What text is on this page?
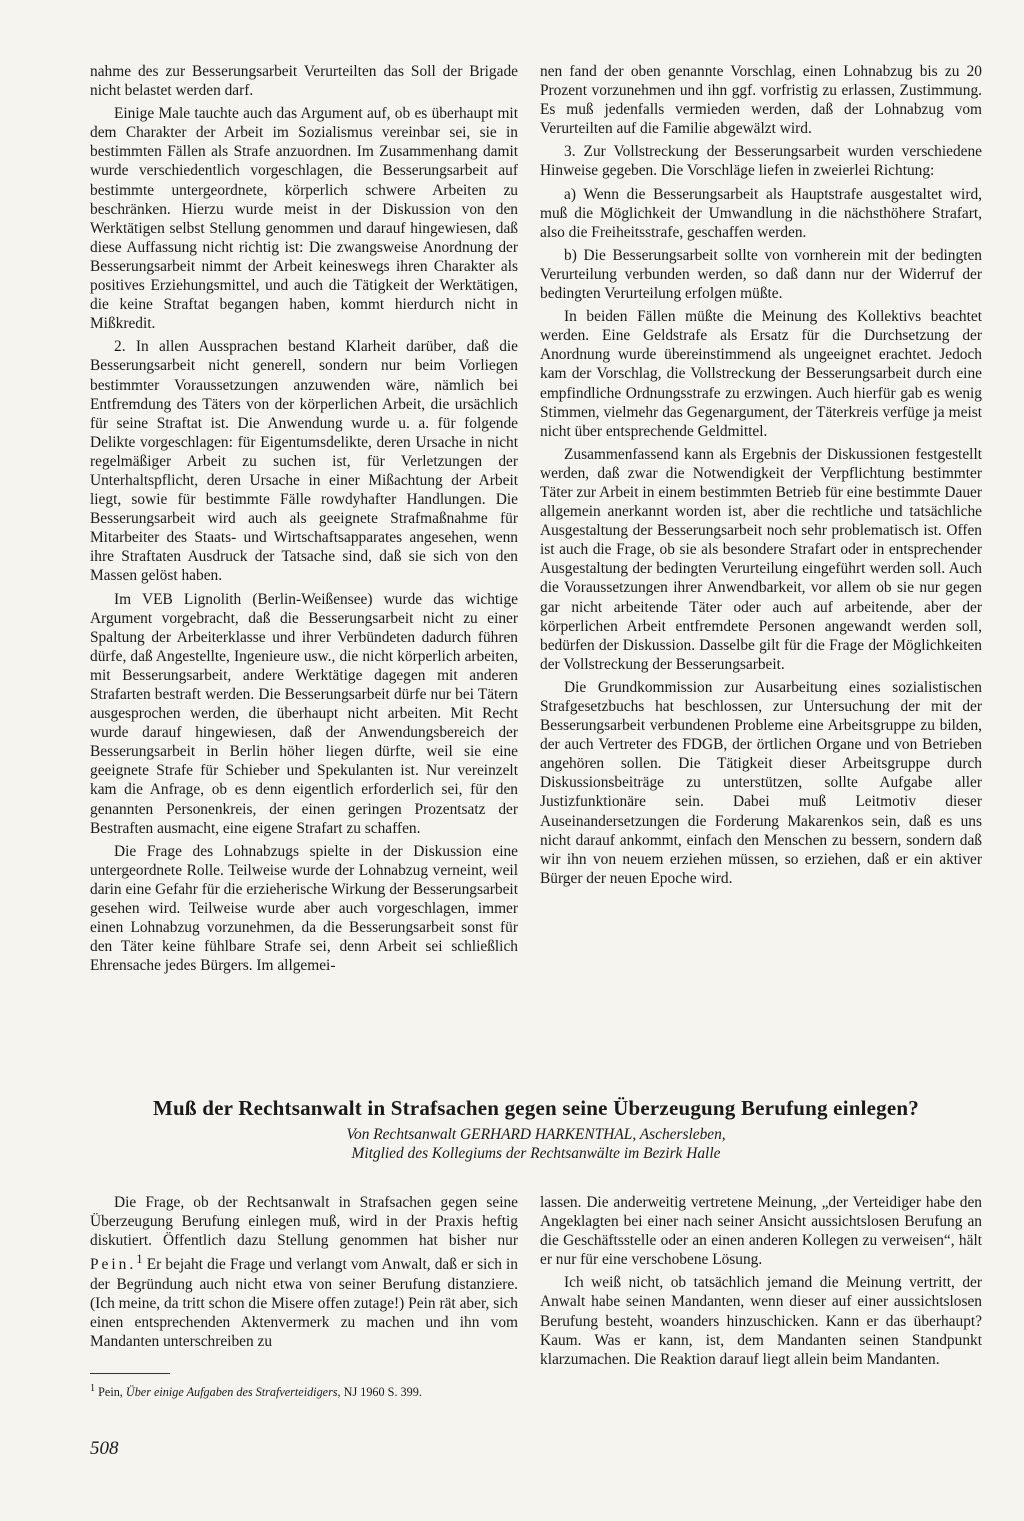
nahme des zur Besserungsarbeit Verurteilten das Soll der Brigade nicht belastet werden darf.

Einige Male tauchte auch das Argument auf, ob es überhaupt mit dem Charakter der Arbeit im Sozialismus vereinbar sei, sie in bestimmten Fällen als Strafe anzuordnen. Im Zusammenhang damit wurde verschiedentlich vorgeschlagen, die Besserungsarbeit auf bestimmte untergeordnete, körperlich schwere Arbeiten zu beschränken. Hierzu wurde meist in der Diskussion von den Werktätigen selbst Stellung genommen und darauf hingewiesen, daß diese Auffassung nicht richtig ist: Die zwangsweise Anordnung der Besserungsarbeit nimmt der Arbeit keineswegs ihren Charakter als positives Erziehungsmittel, und auch die Tätigkeit der Werktätigen, die keine Straftat begangen haben, kommt hierdurch nicht in Mißkredit.

2. In allen Aussprachen bestand Klarheit darüber, daß die Besserungsarbeit nicht generell, sondern nur beim Vorliegen bestimmter Voraussetzungen anzuwenden wäre, nämlich bei Entfremdung des Täters von der körperlichen Arbeit, die ursächlich für seine Straftat ist. Die Anwendung wurde u. a. für folgende Delikte vorgeschlagen: für Eigentumsdelikte, deren Ursache in nicht regelmäßiger Arbeit zu suchen ist, für Verletzungen der Unterhaltspflicht, deren Ursache in einer Mißachtung der Arbeit liegt, sowie für bestimmte Fälle rowdyhafter Handlungen. Die Besserungsarbeit wird auch als geeignete Strafmaßnahme für Mitarbeiter des Staats- und Wirtschaftsapparates angesehen, wenn ihre Straftaten Ausdruck der Tatsache sind, daß sie sich von den Massen gelöst haben.

Im VEB Lignolith (Berlin-Weißensee) wurde das wichtige Argument vorgebracht, daß die Besserungsarbeit nicht zu einer Spaltung der Arbeiterklasse und ihrer Verbündeten dadurch führen dürfe, daß Angestellte, Ingenieure usw., die nicht körperlich arbeiten, mit Besserungsarbeit, andere Werktätige dagegen mit anderen Strafarten bestraft werden. Die Besserungsarbeit dürfe nur bei Tätern ausgesprochen werden, die überhaupt nicht arbeiten. Mit Recht wurde darauf hingewiesen, daß der Anwendungsbereich der Besserungsarbeit in Berlin höher liegen dürfte, weil sie eine geeignete Strafe für Schieber und Spekulanten ist. Nur vereinzelt kam die Anfrage, ob es denn eigentlich erforderlich sei, für den genannten Personenkreis, der einen geringen Prozentsatz der Bestraften ausmacht, eine eigene Strafart zu schaffen.

Die Frage des Lohnabzugs spielte in der Diskussion eine untergeordnete Rolle. Teilweise wurde der Lohnabzug verneint, weil darin eine Gefahr für die erzieherische Wirkung der Besserungsarbeit gesehen wird. Teilweise wurde aber auch vorgeschlagen, immer einen Lohnabzug vorzunehmen, da die Besserungsarbeit sonst für den Täter keine fühlbare Strafe sei, denn Arbeit sei schließlich Ehrensache jedes Bürgers. Im allgemei-

nen fand der oben genannte Vorschlag, einen Lohnabzug bis zu 20 Prozent vorzunehmen und ihn ggf. vorfristig zu erlassen, Zustimmung. Es muß jedenfalls vermieden werden, daß der Lohnabzug vom Verurteilten auf die Familie abgewälzt wird.

3. Zur Vollstreckung der Besserungsarbeit wurden verschiedene Hinweise gegeben. Die Vorschläge liefen in zweierlei Richtung:

a) Wenn die Besserungsarbeit als Hauptstrafe ausgestaltet wird, muß die Möglichkeit der Umwandlung in die nächsthöhere Strafart, also die Freiheitsstrafe, geschaffen werden.

b) Die Besserungsarbeit sollte von vornherein mit der bedingten Verurteilung verbunden werden, so daß dann nur der Widerruf der bedingten Verurteilung erfolgen müßte.

In beiden Fällen müßte die Meinung des Kollektivs beachtet werden. Eine Geldstrafe als Ersatz für die Durchsetzung der Anordnung wurde übereinstimmend als ungeeignet erachtet. Jedoch kam der Vorschlag, die Vollstreckung der Besserungsarbeit durch eine empfindliche Ordnungsstrafe zu erzwingen. Auch hierfür gab es wenig Stimmen, vielmehr das Gegenargument, der Täterkreis verfüge ja meist nicht über entsprechende Geldmittel.

Zusammenfassend kann als Ergebnis der Diskussionen festgestellt werden, daß zwar die Notwendigkeit der Verpflichtung bestimmter Täter zur Arbeit in einem bestimmten Betrieb für eine bestimmte Dauer allgemein anerkannt worden ist, aber die rechtliche und tatsächliche Ausgestaltung der Besserungsarbeit noch sehr problematisch ist. Offen ist auch die Frage, ob sie als besondere Strafart oder in entsprechender Ausgestaltung der bedingten Verurteilung eingeführt werden soll. Auch die Voraussetzungen ihrer Anwendbarkeit, vor allem ob sie nur gegen gar nicht arbeitende Täter oder auch auf arbeitende, aber der körperlichen Arbeit entfremdete Personen angewandt werden soll, bedürfen der Diskussion. Dasselbe gilt für die Frage der Möglichkeiten der Vollstreckung der Besserungsarbeit.

Die Grundkommission zur Ausarbeitung eines sozialistischen Strafgesetzbuchs hat beschlossen, zur Untersuchung der mit der Besserungsarbeit verbundenen Probleme eine Arbeitsgruppe zu bilden, der auch Vertreter des FDGB, der örtlichen Organe und von Betrieben angehören sollen. Die Tätigkeit dieser Arbeitsgruppe durch Diskussionsbeiträge zu unterstützen, sollte Aufgabe aller Justizfunktionäre sein. Dabei muß Leitmotiv dieser Auseinandersetzungen die Forderung Makarenkos sein, daß es uns nicht darauf ankommt, einfach den Menschen zu bessern, sondern daß wir ihn von neuem erziehen müssen, so erziehen, daß er ein aktiver Bürger der neuen Epoche wird.

Muß der Rechtsanwalt in Strafsachen gegen seine Überzeugung Berufung einlegen?
Von Rechtsanwalt GERHARD HARKENTHAL, Aschersleben,
Mitglied des Kollegiums der Rechtsanwälte im Bezirk Halle

Die Frage, ob der Rechtsanwalt in Strafsachen gegen seine Überzeugung Berufung einlegen muß, wird in der Praxis heftig diskutiert. Öffentlich dazu Stellung genommen hat bisher nur Pein.$^1$ Er bejaht die Frage und verlangt vom Anwalt, daß er sich in der Begründung auch nicht etwa von seiner Berufung distanziere. (Ich meine, da tritt schon die Misere offen zutage!) Pein rät aber, sich einen entsprechenden Aktenvermerk zu machen und ihn vom Mandanten unterschreiben zu

lassen. Die anderweitig vertretene Meinung, „der Verteidiger habe den Angeklagten bei einer nach seiner Ansicht aussichtslosen Berufung an die Geschäftsstelle oder an einen anderen Kollegen zu verweisen“, hält er nur für eine verschobene Lösung.

Ich weiß nicht, ob tatsächlich jemand die Meinung vertritt, der Anwalt habe seinen Mandanten, wenn dieser auf einer aussichtslosen Berufung besteht, woanders hinzuschicken. Kann er das überhaupt? Kaum. Was er kann, ist, dem Mandanten seinen Standpunkt klarzumachen. Die Reaktion darauf liegt allein beim Mandanten.

$^1$ Pein, Über einige Aufgaben des Strafverteidigers, NJ 1960 S. 399.
508
